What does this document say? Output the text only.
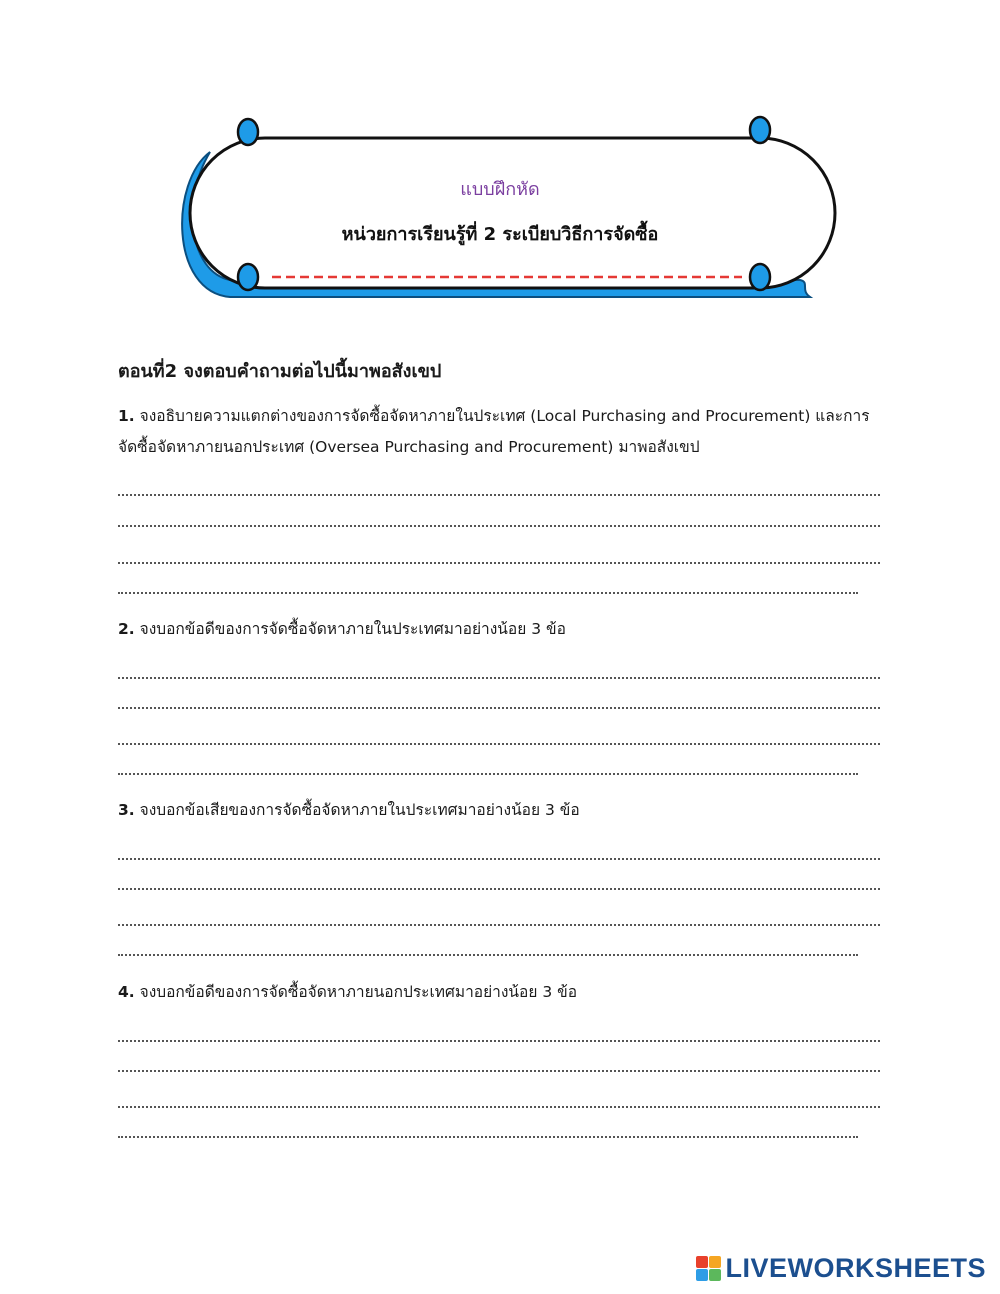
แบบฝึกหัด
หน่วยการเรียนรู้ที่ 2 ระเบียบวิธีการจัดซื้อ
ตอนที่2 จงตอบคำถามต่อไปนี้มาพอสังเขป
1. จงอธิบายความแตกต่างของการจัดซื้อจัดหาภายในประเทศ (Local Purchasing and Procurement) และการจัดซื้อจัดหาภายนอกประเทศ (Oversea Purchasing and Procurement) มาพอสังเขป
2. จงบอกข้อดีของการจัดซื้อจัดหาภายในประเทศมาอย่างน้อย 3 ข้อ
3. จงบอกข้อเสียของการจัดซื้อจัดหาภายในประเทศมาอย่างน้อย 3 ข้อ
4. จงบอกข้อดีของการจัดซื้อจัดหาภายนอกประเทศมาอย่างน้อย 3 ข้อ
LIVEWORKSHEETS
